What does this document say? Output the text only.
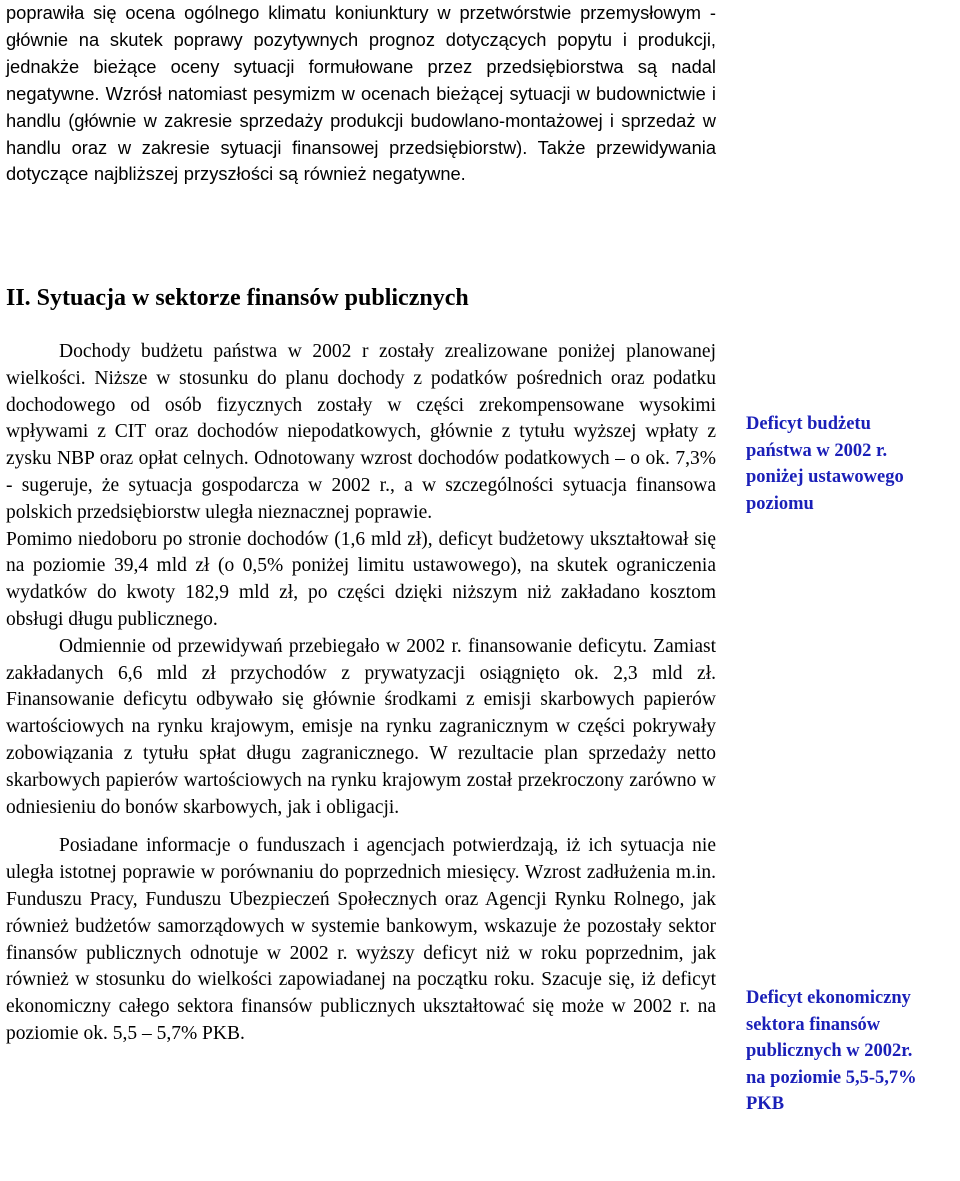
poprawiła się ocena ogólnego klimatu koniunktury w przetwórstwie przemysłowym - głównie na skutek poprawy pozytywnych prognoz dotyczących popytu i produkcji, jednakże bieżące oceny sytuacji formułowane przez przedsiębiorstwa są nadal negatywne. Wzrósł natomiast pesymizm w ocenach bieżącej sytuacji w budownictwie i handlu (głównie w zakresie sprzedaży produkcji budowlano-montażowej i sprzedaż w handlu oraz w zakresie sytuacji finansowej przedsiębiorstw). Także przewidywania dotyczące najbliższej przyszłości są również negatywne.

II. Sytuacja w sektorze finansów publicznych

Dochody budżetu państwa w 2002 r zostały zrealizowane poniżej planowanej wielkości. Niższe w stosunku do planu dochody z podatków pośrednich oraz podatku dochodowego od osób fizycznych zostały w części zrekompensowane wysokimi wpływami z CIT oraz dochodów niepodatkowych, głównie z tytułu wyższej wpłaty z zysku NBP oraz opłat celnych. Odnotowany wzrost dochodów podatkowych – o ok. 7,3% - sugeruje, że sytuacja gospodarcza w 2002 r., a w szczególności sytuacja finansowa polskich przedsiębiorstw uległa nieznacznej poprawie.

Pomimo niedoboru po stronie dochodów (1,6 mld zł), deficyt budżetowy ukształtował się na poziomie 39,4 mld zł (o 0,5% poniżej limitu ustawowego), na skutek ograniczenia wydatków do kwoty 182,9 mld zł, po części dzięki niższym niż zakładano kosztom obsługi długu publicznego.

Odmiennie od przewidywań przebiegało w 2002 r. finansowanie deficytu. Zamiast zakładanych 6,6 mld zł przychodów z prywatyzacji osiągnięto ok. 2,3 mld zł. Finansowanie deficytu odbywało się głównie środkami z emisji skarbowych papierów wartościowych na rynku krajowym, emisje na rynku zagranicznym w części pokrywały zobowiązania z tytułu spłat długu zagranicznego. W rezultacie plan sprzedaży netto skarbowych papierów wartościowych na rynku krajowym został przekroczony zarówno w odniesieniu do bonów skarbowych, jak i obligacji.

Posiadane informacje o funduszach i agencjach potwierdzają, iż ich sytuacja nie uległa istotnej poprawie w porównaniu do poprzednich miesięcy. Wzrost zadłużenia m.in. Funduszu Pracy, Funduszu Ubezpieczeń Społecznych oraz Agencji Rynku Rolnego, jak również budżetów samorządowych w systemie bankowym, wskazuje że pozostały sektor finansów publicznych odnotuje w 2002 r. wyższy deficyt niż w roku poprzednim, jak również w stosunku do wielkości zapowiadanej na początku roku. Szacuje się, iż deficyt ekonomiczny całego sektora finansów publicznych ukształtować się może w 2002 r. na poziomie ok. 5,5 – 5,7% PKB.

Deficyt budżetu
państwa w 2002 r.
poniżej ustawowego
poziomu
Deficyt ekonomiczny
sektora finansów
publicznych w 2002r.
na poziomie 5,5-5,7%
PKB
